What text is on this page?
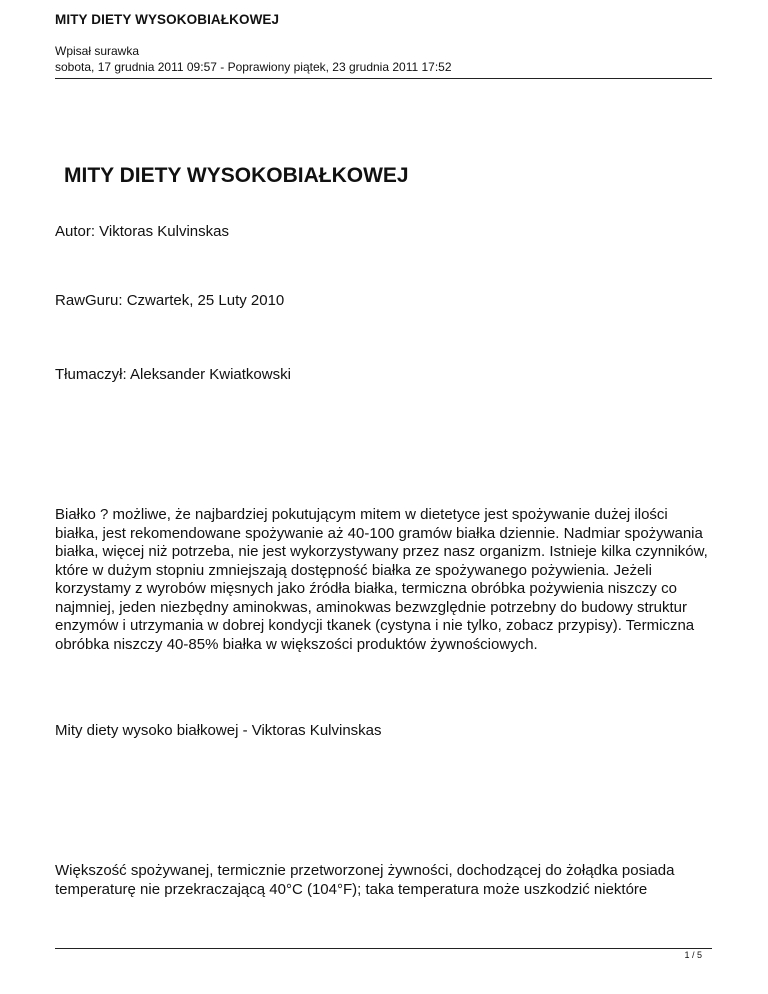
MITY DIETY WYSOKOBIAŁKOWEJ
Wpisał surawka
sobota, 17 grudnia 2011 09:57 - Poprawiony piątek, 23 grudnia 2011 17:52
MITY DIETY WYSOKOBIAŁKOWEJ

Autor: Viktoras Kulvinskas

RawGuru: Czwartek, 25 Luty 2010

Tłumaczył: Aleksander Kwiatkowski

Białko ? możliwe, że najbardziej pokutującym mitem w dietetyce jest spożywanie dużej ilości białka, jest rekomendowane spożywanie aż 40-100 gramów białka dziennie. Nadmiar spożywania białka, więcej niż potrzeba, nie jest wykorzystywany przez nasz organizm. Istnieje kilka czynników, które w dużym stopniu zmniejszają dostępność białka ze spożywanego pożywienia. Jeżeli korzystamy z wyrobów mięsnych jako źródła białka, termiczna obróbka pożywienia niszczy co najmniej, jeden niezbędny aminokwas, aminokwas bezwzględnie potrzebny do budowy struktur enzymów i utrzymania w dobrej kondycji tkanek (cystyna i nie tylko, zobacz przypisy). Termiczna obróbka niszczy 40-85% białka w większości produktów żywnościowych.

Mity diety wysoko białkowej - Viktoras Kulvinskas

Większość spożywanej, termicznie przetworzonej żywności, dochodzącej do żołądka posiada temperaturę nie przekraczającą 40°C (104°F); taka temperatura może uszkodzić niektóre

1 / 5
